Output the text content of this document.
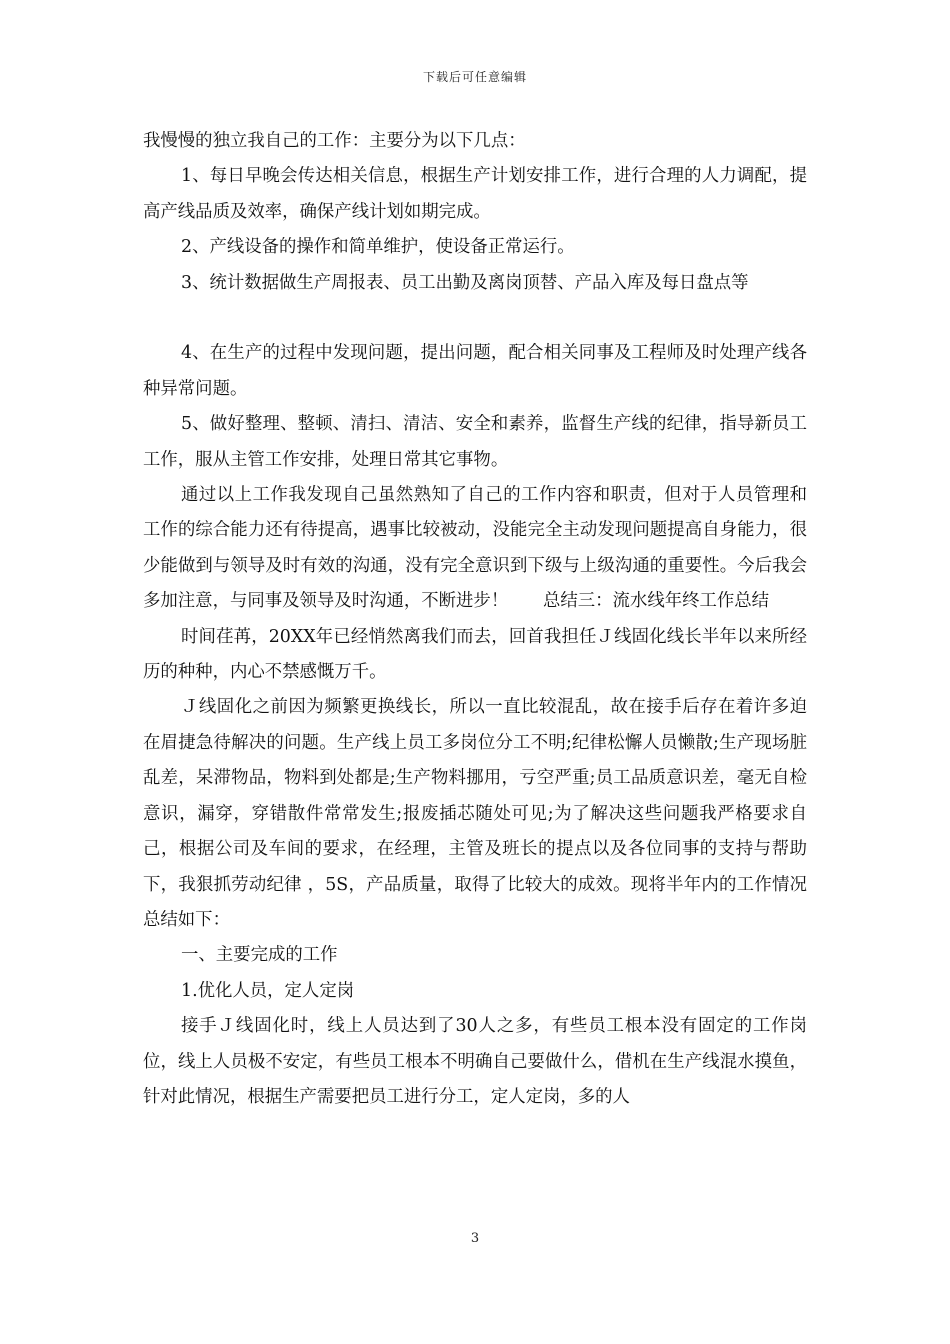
下载后可任意编辑

我慢慢的独立我自己的工作：主要分为以下几点：

1、每日早晚会传达相关信息，根据生产计划安排工作，进行合理的人力调配，提高产线品质及效率，确保产线计划如期完成。

2、产线设备的操作和简单维护，使设备正常运行。

3、统计数据做生产周报表、员工出勤及离岗顶替、产品入库及每日盘点等

4、在生产的过程中发现问题，提出问题，配合相关同事及工程师及时处理产线各种异常问题。

5、做好整理、整顿、清扫、清洁、安全和素养，监督生产线的纪律，指导新员工工作，服从主管工作安排，处理日常其它事物。

通过以上工作我发现自己虽然熟知了自己的工作内容和职责，但对于人员管理和 工作的综合能力还有待提高，遇事比较被动，没能完全主动发现问题提高自身能力，很少能做到与领导及时有效的沟通，没有完全意识到下级与上级沟通的重要性。今后我会多加注意，与同事及领导及时沟通，不断进步！　　总结三：流水线年终工作总结

时间荏苒，20XX年已经悄然离我们而去，回首我担任Ｊ线固化线长半年以来所经历的种种，内心不禁感慨万千。

Ｊ线固化之前因为频繁更换线长，所以一直比较混乱，故在接手后存在着许多迫在眉捷急待解决的问题。生产线上员工多岗位分工不明;纪律松懈人员懒散;生产现场脏乱差，呆滞物品，物料到处都是;生产物料挪用，亏空严重;员工品质意识差，毫无自检意识，漏穿，穿错散件常常发生;报废插芯随处可见;为了解决这些问题我严格要求自己，根据公司及车间的要求，在经理，主管及班长的提点以及各位同事的支持与帮助下，我狠抓劳动纪律 ，5S，产品质量，取得了比较大的成效。现将半年内的工作情况总结如下：

一、主要完成的工作

1.优化人员，定人定岗

接手Ｊ线固化时，线上人员达到了30人之多，有些员工根本没有固定的工作岗位，线上人员极不安定，有些员工根本不明确自己要做什么，借机在生产线混水摸鱼，针对此情况，根据生产需要把员工进行分工，定人定岗，多的人

3
